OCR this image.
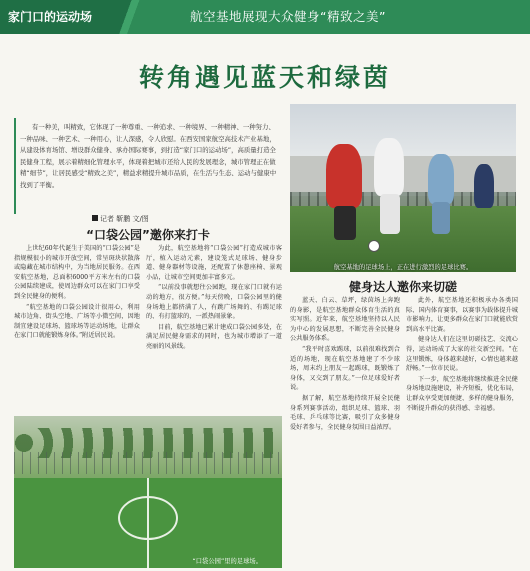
家门口的运动场	航空基地展现大众健身“精致之美”
转角遇见蓝天和绿茵
有一种美，叫精致，它体现了一种尊重、一种追求、一种境界、一种精神、一种努力、一种品味、一种艺术、一种用心，让人深感，令人欣慰。在西安国家航空高技术产业基地，从建设体育场馆、增设群众健身、承办国际赛事，到打造“家门口的运动场”，高质量打造全民健身工程，展示着精细化管理水平，体现着把城市还给人民的发展理念，城市管理正在做精“细节”，让居民感受“精致之美”，精益求精提升城市品质，在生活与生态、运动与健康中找到了平衡。
记者 靳鹏 文/图
航空基地的足球场上，正在进行激烈的足球比赛。
“口袋公园”邀你来打卡
健身达人邀你来切磋

上世纪60年代诞生于美国的“口袋公园”是指规模很小的城市开放空间，常呈斑块状散落或隐藏在城市结构中，为当地居民服务。在西安航空基地，总面积6000平方米左右的口袋公园陆续建成，使周边群众可以在家门口享受到全民健身的便利。

“航空基地的口袋公园设计很用心，利用城市边角、街头空地、广场等小微空间，因地制宜建设足球场、篮球场等运动场地，让群众在家门口就能锻炼身体。”附近居民说。

为此，航空基地将“口袋公园”打造成城市客厅，植入运动元素，建设笼式足球场、健身步道、健身器材等设施，还配置了休憩座椅、景观小品，让城市空间更加丰富多元。

“以前没事就想往公园跑，现在家门口就有运动的地方，很方便。”每天傍晚，口袋公园里的健身场地上都挤满了人，有跳广场舞的、有踢足球的、有打篮球的，一派热闹景象。

目前，航空基地已累计建成口袋公园多处，在满足居民健身需求的同时，也为城市增添了一道亮丽的风景线。

蓝天、白云、草坪，绿茵场上奔跑的身影，是航空基地群众体育生活的真实写照。近年来，航空基地坚持以人民为中心的发展思想，不断完善全民健身公共服务体系。

“我平时喜欢踢球，以前很难找到合适的场地，现在航空基地建了不少球场，周末约上朋友一起踢球，既锻炼了身体，又交到了朋友。”一位足球爱好者说。

据了解，航空基地持续开展全民健身系列赛事活动，组织足球、篮球、羽毛球、乒乓球等比赛，吸引了众多健身爱好者参与，全民健身氛围日益浓厚。

此外，航空基地还积极承办各类国际、国内体育赛事，以赛事为载体提升城市影响力，让更多群众在家门口就能欣赏到高水平比赛。

健身达人们在这里切磋技艺、交流心得，运动场成了大家的社交新空间。“在这里锻炼，身体越来越好，心情也越来越舒畅。”一位市民说。

下一步，航空基地将继续推进全民健身场地设施建设，补齐短板，优化布局，让群众享受更加便捷、多样的健身服务，不断提升群众的获得感、幸福感。

“口袋公园”里的足球场。
